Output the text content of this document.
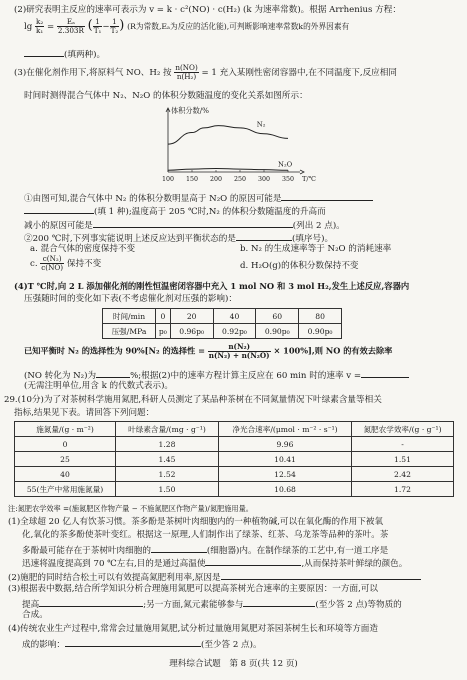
(2)研究表明主反应的速率可表示为 v = k · c²(NO) · c(H₂) (k 为速率常数)。根据 Arrhenius 方程：
$\lg \frac{\text{k₂}}{\text{k₁}} = \frac{\text{Eₐ}}{2.303R}$ ( $\frac{1}{\text{T₁}} - \frac{1}{\text{T₂}}$ ) (R为常数,Eₐ为反应的活化能),可判断影响速率常数k的外界因素有
(填两种)。
(3)在催化剂作用下,将原料气 NO、H₂ 按 $\frac{n(NO)}{\text{n(H₂)}} = 1$ 充入某刚性密闭容器中,在不同温度下,反应相同
时间时测得混合气体中 N₂、N₂O 的体积分数随温度的变化关系如图所示：
体积分数/%
T/℃
100 150 200 250 300 350
N₂
N₂O
①由图可知,混合气体中 N₂ 的体积分数明显高于 N₂O 的原因可能是
(填 1 种);温度高于 205 ℃时,N₂ 的体积分数随温度的升高而
减小的原因可能是	(列出 2 点)。
②200 ℃时,下列事实能说明上述反应达到平衡状态的是	(填序号)。
a. 混合气体的密度保持不变	b. N₂ 的生成速率等于 N₂O 的消耗速率
c. $\frac{\text{c(N₂)}}{c(NO)}$ 保持不变	d. H₂O(g)的体积分数保持不变
(4)T ℃时,向 2 L 添加催化剂的刚性恒温密闭容器中充入 1 mol NO 和 3 mol H₂,发生上述反应,容器内
压强随时间的变化如下表(不考虑催化剂对压强的影响)：
时间/min	0	20	40	60	80
压强/MPa	p₀	0.96p₀	0.92p₀	0.90p₀	0.90p₀
已知平衡时 N₂ 的选择性为 90%[N₂ 的选择性 = $\frac{\text{n(N₂)}}{\text{n(N₂) + n(N₂O)}} \times 100\%$],则 NO 的有效去除率
(NO 转化为 N₂)为	%;根据(2)中的速率方程计算主反应在 60 min 时的速率 v =
(无需注明单位,用含 k 的代数式表示)。
29.(10分)为了对茶树科学施用氮肥,科研人员测定了某品种茶树在不同氮量情况下叶绿素含量等相关
指标,结果见下表。请回答下列问题：
施氮量/(g · m⁻²)	叶绿素含量/(mg · g⁻¹)	净光合速率/(μmol · m⁻² · s⁻¹)	氮肥农学效率/(g · g⁻¹)
0	1.28	9.96	-
25	1.45	10.41	1.51
40	1.52	12.54	2.42
55(生产中常用施氮量)	1.50	10.68	1.72
注:氮肥农学效率 =(施氮肥区作物产量 − 不施氮肥区作物产量)/氮肥施用量。
(1)全球超 20 亿人有饮茶习惯。茶多酚是茶树叶肉细胞内的一种植物碱,可以在氧化酶的作用下被氧
化,氧化的茶多酚使茶叶变红。根据这一原理,人们制作出了绿茶、红茶、乌龙茶等品种的茶叶。茶
多酚最可能存在于茶树叶肉细胞的	(细胞器)内。在制作绿茶的工艺中,有一道工序是
迅速将温度提高到 70 ℃左右,目的是通过高温使	,从而保持茶叶鲜绿的颜色。
(2)施肥的同时结合松土可以有效提高氮肥利用率,原因是
(3)根据表中数据,结合所学知识分析合理施用氮肥可以提高茶树光合速率的主要原因：一方面,可以
提高	;另一方面,氮元素能够参与	(至少答 2 点)等物质的
合成。
(4)传统农业生产过程中,常常会过量施用氮肥,试分析过量施用氮肥对茶园茶树生长和环境等方面造
成的影响：	(至少答 2 点)。
理科综合试题　第 8 页(共 12 页)
